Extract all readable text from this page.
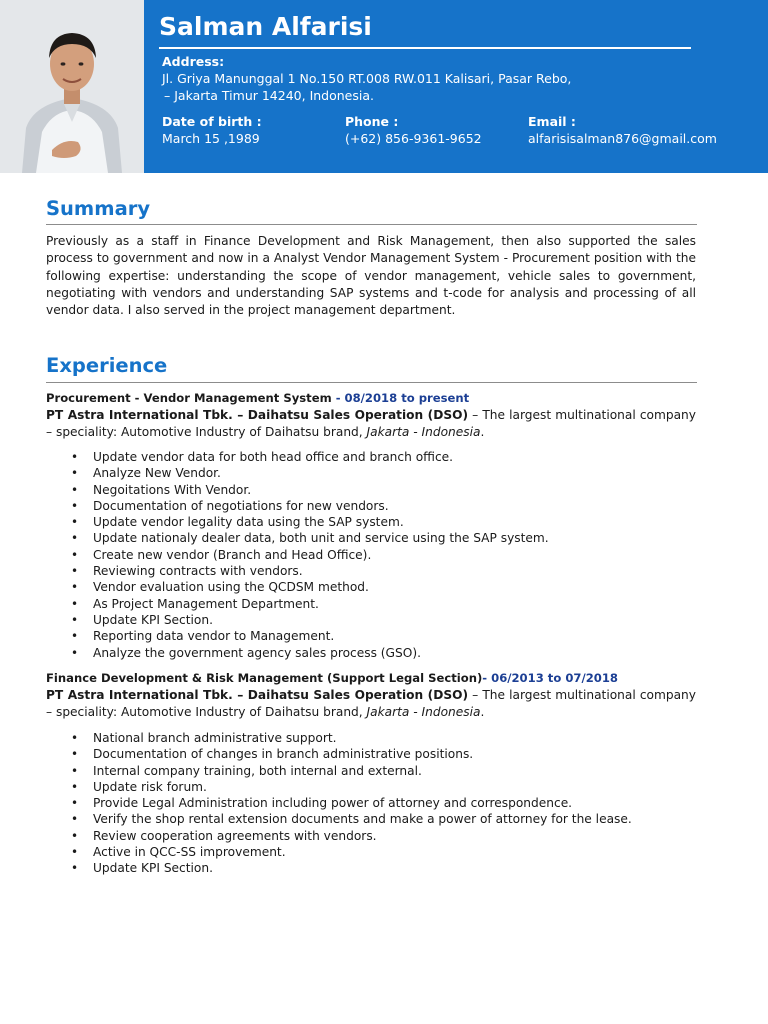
Salman Alfarisi
Address:
Jl. Griya Manunggal 1 No.150 RT.008 RW.011 Kalisari, Pasar Rebo,
– Jakarta Timur 14240, Indonesia.
Date of birth :
March 15 ,1989
Phone :
(+62) 856-9361-9652
Email :
alfarisisalman876@gmail.com
Summary
Previously as a staff in Finance Development and Risk Management, then also supported the sales process to government and now in a Analyst Vendor Management System - Procurement position with the following expertise: understanding the scope of vendor management, vehicle sales to government, negotiating with vendors and understanding SAP systems and t-code for analysis and processing of all vendor data. I also served in the project management department.
Experience
Procurement - Vendor Management System - 08/2018 to present
PT Astra International Tbk. – Daihatsu Sales Operation (DSO) – The largest multinational company – speciality: Automotive Industry of Daihatsu brand, Jakarta - Indonesia.
• Update vendor data for both head office and branch office.
• Analyze New Vendor.
• Negoitations With Vendor.
• Documentation of negotiations for new vendors.
• Update vendor legality data using the SAP system.
• Update nationaly dealer data, both unit and service using the SAP system.
• Create new vendor (Branch and Head Office).
• Reviewing contracts with vendors.
• Vendor evaluation using the QCDSM method.
• As Project Management Department.
• Update KPI Section.
• Reporting data vendor to Management.
• Analyze the government agency sales process (GSO).
Finance Development & Risk Management (Support Legal Section)- 06/2013 to 07/2018
PT Astra International Tbk. – Daihatsu Sales Operation (DSO) – The largest multinational company – speciality: Automotive Industry of Daihatsu brand, Jakarta - Indonesia.
• National branch administrative support.
• Documentation of changes in branch administrative positions.
• Internal company training, both internal and external.
• Update risk forum.
• Provide Legal Administration including power of attorney and correspondence.
• Verify the shop rental extension documents and make a power of attorney for the lease.
• Review cooperation agreements with vendors.
• Active in QCC-SS improvement.
• Update KPI Section.
